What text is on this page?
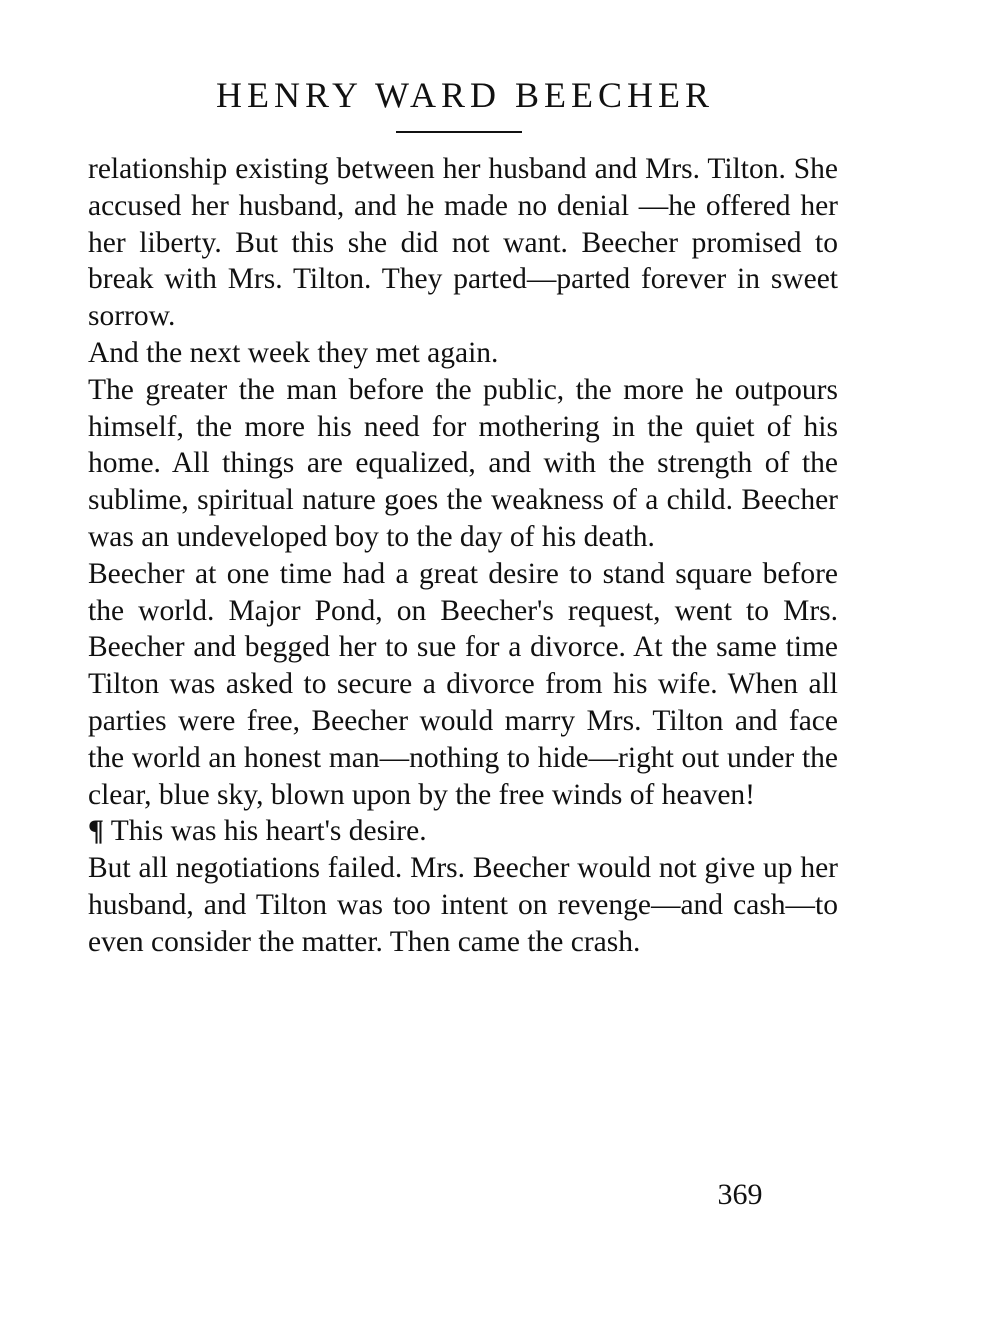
HENRY WARD BEECHER

relationship existing between her husband and Mrs. Tilton. She accused her husband, and he made no denial —he offered her her liberty. But this she did not want. Beecher promised to break with Mrs. Tilton. They parted—parted forever in sweet sorrow.

And the next week they met again.

The greater the man before the public, the more he outpours himself, the more his need for mothering in the quiet of his home. All things are equalized, and with the strength of the sublime, spiritual nature goes the weakness of a child. Beecher was an undeveloped boy to the day of his death.

Beecher at one time had a great desire to stand square before the world. Major Pond, on Beecher's request, went to Mrs. Beecher and begged her to sue for a divorce. At the same time Tilton was asked to secure a divorce from his wife. When all parties were free, Beecher would marry Mrs. Tilton and face the world an honest man—nothing to hide—right out under the clear, blue sky, blown upon by the free winds of heaven!

¶ This was his heart's desire.

But all negotiations failed. Mrs. Beecher would not give up her husband, and Tilton was too intent on revenge—and cash—to even consider the matter. Then came the crash.

369
